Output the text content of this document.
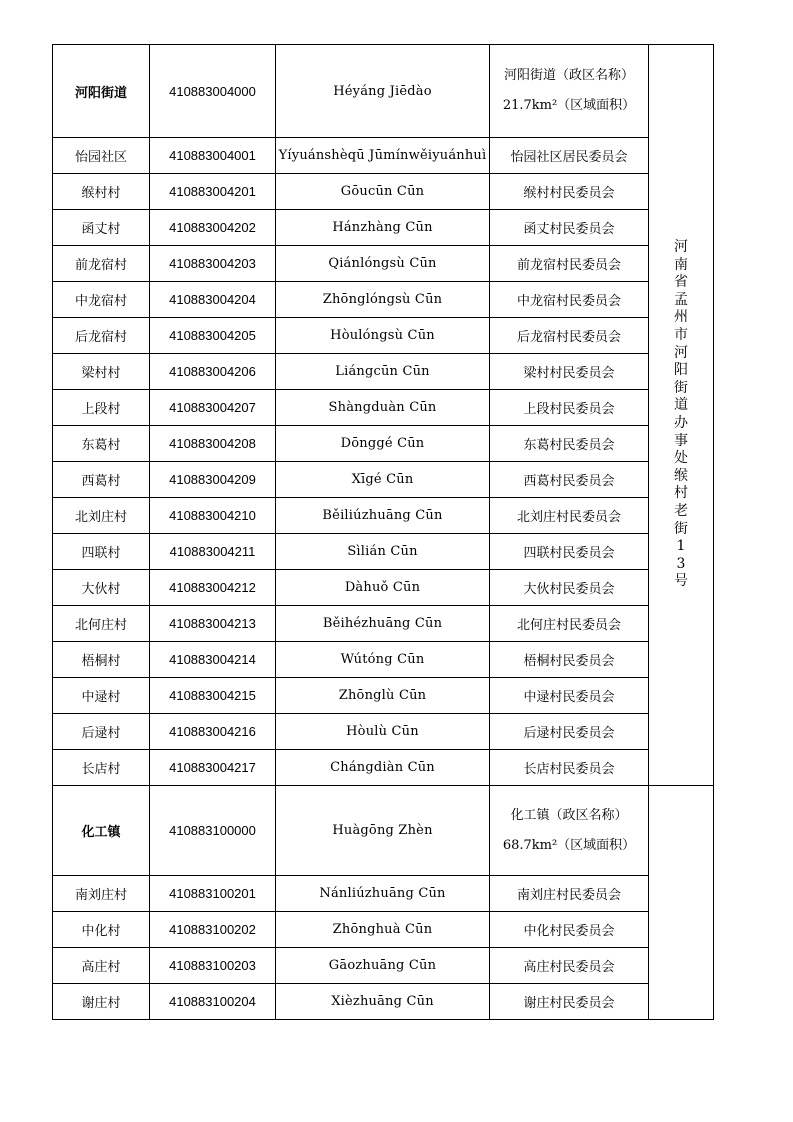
河阳街道	410883004000	Héyáng Jiēdào	河阳街道（政区名称）
21.7km²（区域面积）	河南省孟州市河阳街道办事处缑村老街13号

怡园社区	410883004001	Yíyuánshèqū Jūmínwěiyuánhuì	怡园社区居民委员会	
缑村村	410883004201	Gōucūn Cūn	缑村村民委员会	
函丈村	410883004202	Hánzhàng Cūn	函丈村民委员会	
前龙宿村	410883004203	Qiánlóngsù Cūn	前龙宿村民委员会	
中龙宿村	410883004204	Zhōnglóngsù Cūn	中龙宿村民委员会	
后龙宿村	410883004205	Hòulóngsù Cūn	后龙宿村民委员会	
梁村村	410883004206	Liángcūn Cūn	梁村村民委员会	
上段村	410883004207	Shàngduàn Cūn	上段村民委员会	
东葛村	410883004208	Dōnggé Cūn	东葛村民委员会	
西葛村	410883004209	Xīgé Cūn	西葛村民委员会	
北刘庄村	410883004210	Běiliúzhuāng Cūn	北刘庄村民委员会	
四联村	410883004211	Sìlián Cūn	四联村民委员会	
大伙村	410883004212	Dàhuǒ Cūn	大伙村民委员会	
北何庄村	410883004213	Běihézhuāng Cūn	北何庄村民委员会	
梧桐村	410883004214	Wútóng Cūn	梧桐村民委员会	
中逯村	410883004215	Zhōnglù Cūn	中逯村民委员会	
后逯村	410883004216	Hòulù Cūn	后逯村民委员会	
长店村	410883004217	Chángdiàn Cūn	长店村民委员会	
化工镇	410883100000	Huàgōng Zhèn	化工镇（政区名称）
68.7km²（区域面积）	

南刘庄村	410883100201	Nánliúzhuāng Cūn	南刘庄村民委员会	
中化村	410883100202	Zhōnghuà Cūn	中化村民委员会	
高庄村	410883100203	Gāozhuāng Cūn	高庄村民委员会	
谢庄村	410883100204	Xièzhuāng Cūn	谢庄村民委员会	
